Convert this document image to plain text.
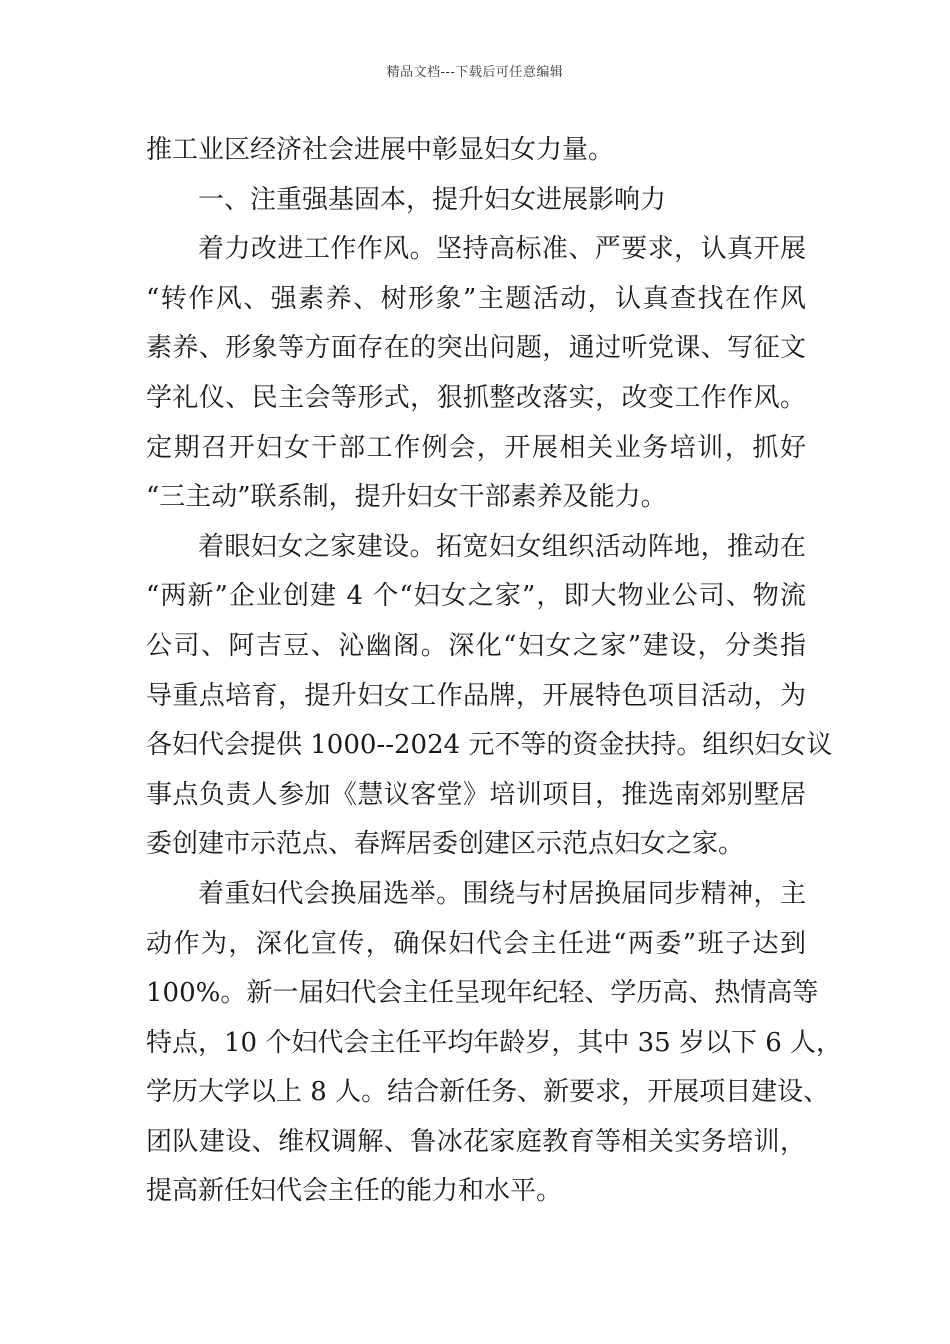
精品文档---下载后可任意编辑
推工业区经济社会进展中彰显妇女力量。
一、注重强基固本，提升妇女进展影响力
着力改进工作作风。坚持高标准、严要求，认真开展
“转作风、强素养、树形象”主题活动，认真查找在作风
素养、形象等方面存在的突出问题，通过听党课、写征文
学礼仪、民主会等形式，狠抓整改落实，改变工作作风。
定期召开妇女干部工作例会，开展相关业务培训，抓好
“三主动”联系制，提升妇女干部素养及能力。
着眼妇女之家建设。拓宽妇女组织活动阵地，推动在
“两新”企业创建 4 个“妇女之家”，即大物业公司、物流
公司、阿吉豆、沁幽阁。深化“妇女之家”建设，分类指
导重点培育，提升妇女工作品牌，开展特色项目活动，为
各妇代会提供 1000--2024 元不等的资金扶持。组织妇女议
事点负责人参加《慧议客堂》培训项目，推选南郊别墅居
委创建市示范点、春辉居委创建区示范点妇女之家。
着重妇代会换届选举。围绕与村居换届同步精神，主
动作为，深化宣传，确保妇代会主任进“两委”班子达到
100%。新一届妇代会主任呈现年纪轻、学历高、热情高等
特点，10 个妇代会主任平均年龄岁，其中 35 岁以下 6 人，
学历大学以上 8 人。结合新任务、新要求，开展项目建设、
团队建设、维权调解、鲁冰花家庭教育等相关实务培训，
提高新任妇代会主任的能力和水平。
